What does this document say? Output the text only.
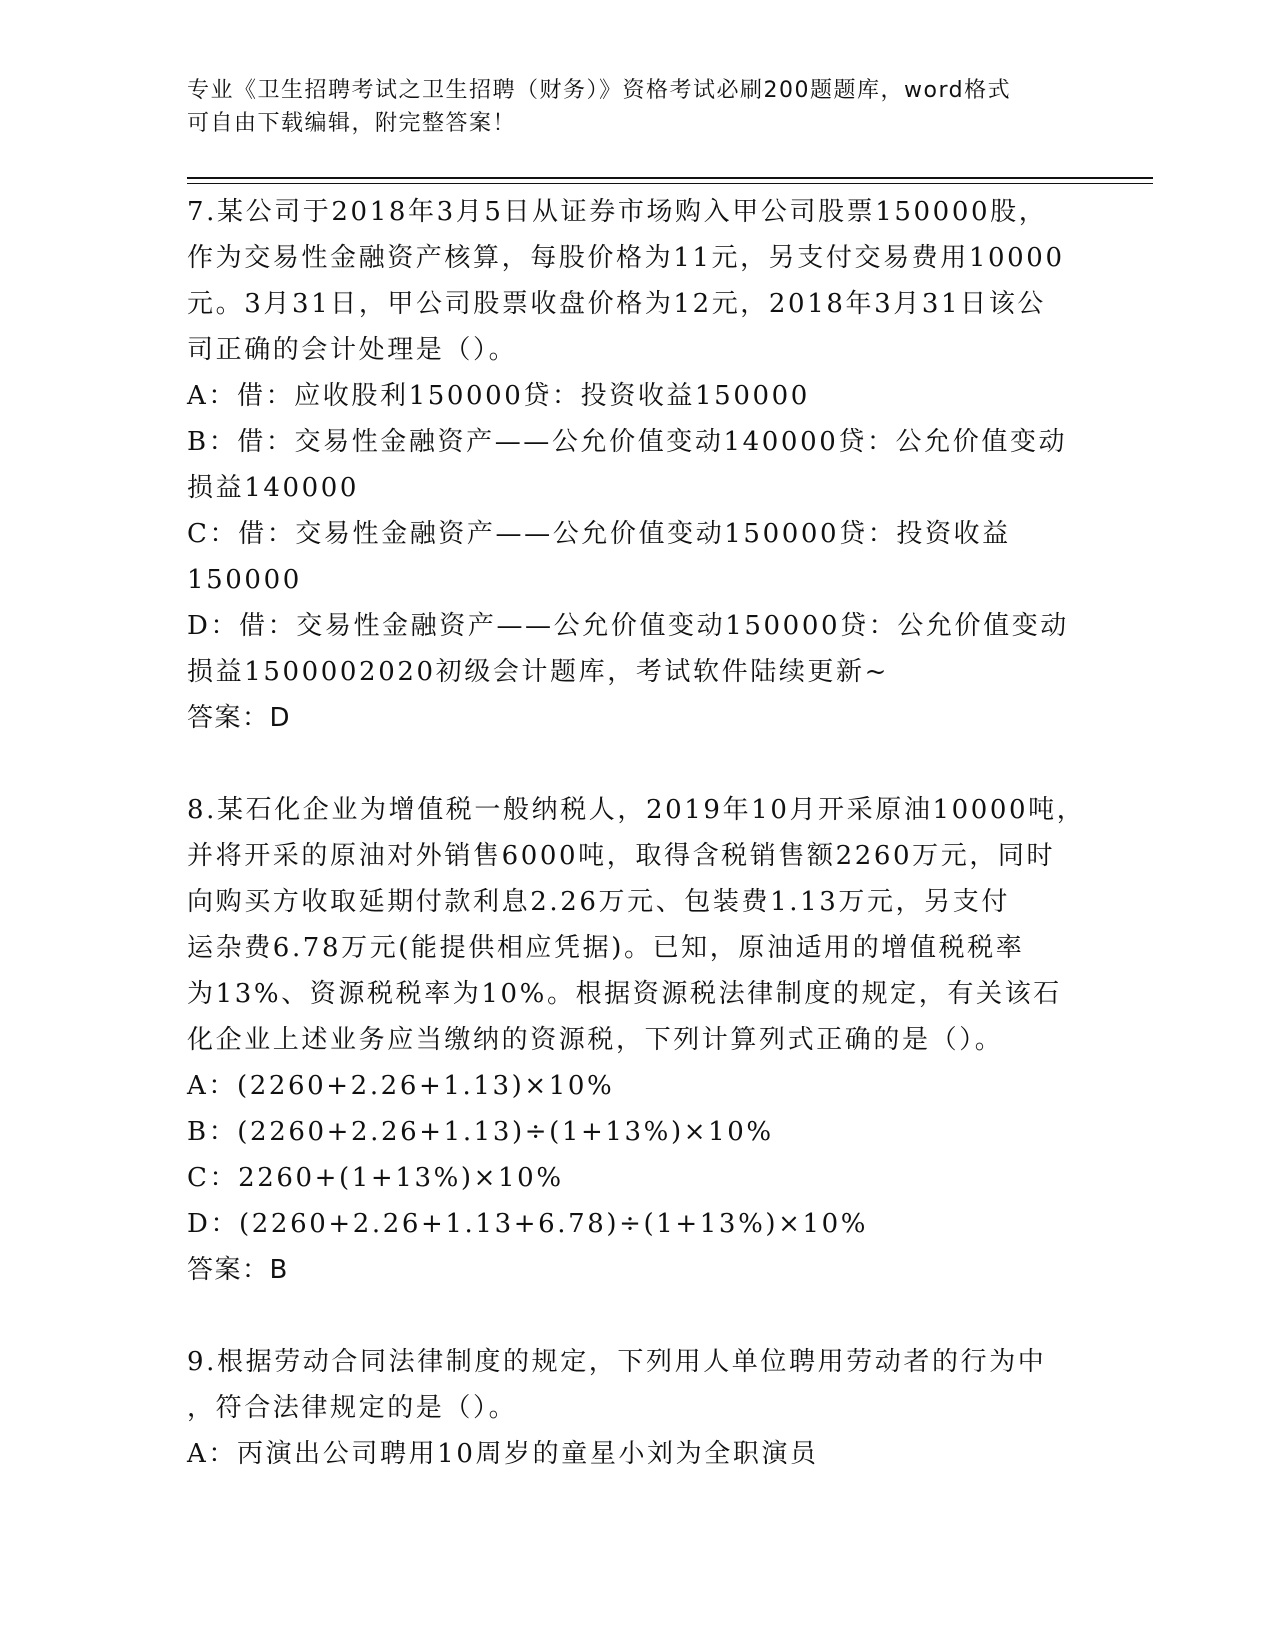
专业《卫生招聘考试之卫生招聘（财务）》资格考试必刷200题题库，word格式
可自由下载编辑，附完整答案！
7.某公司于2018年3月5日从证券市场购入甲公司股票150000股，
作为交易性金融资产核算，每股价格为11元，另支付交易费用10000
元。3月31日，甲公司股票收盘价格为12元，2018年3月31日该公
司正确的会计处理是（）。
A：借：应收股利150000贷：投资收益150000
B：借：交易性金融资产——公允价值变动140000贷：公允价值变动
损益140000
C：借：交易性金融资产——公允价值变动150000贷：投资收益
150000
D：借：交易性金融资产——公允价值变动150000贷：公允价值变动
损益1500002020初级会计题库，考试软件陆续更新~
答案：D
8.某石化企业为增值税一般纳税人，2019年10月开采原油10000吨，
并将开采的原油对外销售6000吨，取得含税销售额2260万元，同时
向购买方收取延期付款利息2.26万元、包装费1.13万元，另支付
运杂费6.78万元(能提供相应凭据)。已知，原油适用的增值税税率
为13%、资源税税率为10%。根据资源税法律制度的规定，有关该石
化企业上述业务应当缴纳的资源税，下列计算列式正确的是（）。
A：(2260+2.26+1.13)×10%
B：(2260+2.26+1.13)÷(1+13%)×10%
C：2260+(1+13%)×10%
D：(2260+2.26+1.13+6.78)÷(1+13%)×10%
答案：B
9.根据劳动合同法律制度的规定，下列用人单位聘用劳动者的行为中
，符合法律规定的是（）。
A：丙演出公司聘用10周岁的童星小刘为全职演员
